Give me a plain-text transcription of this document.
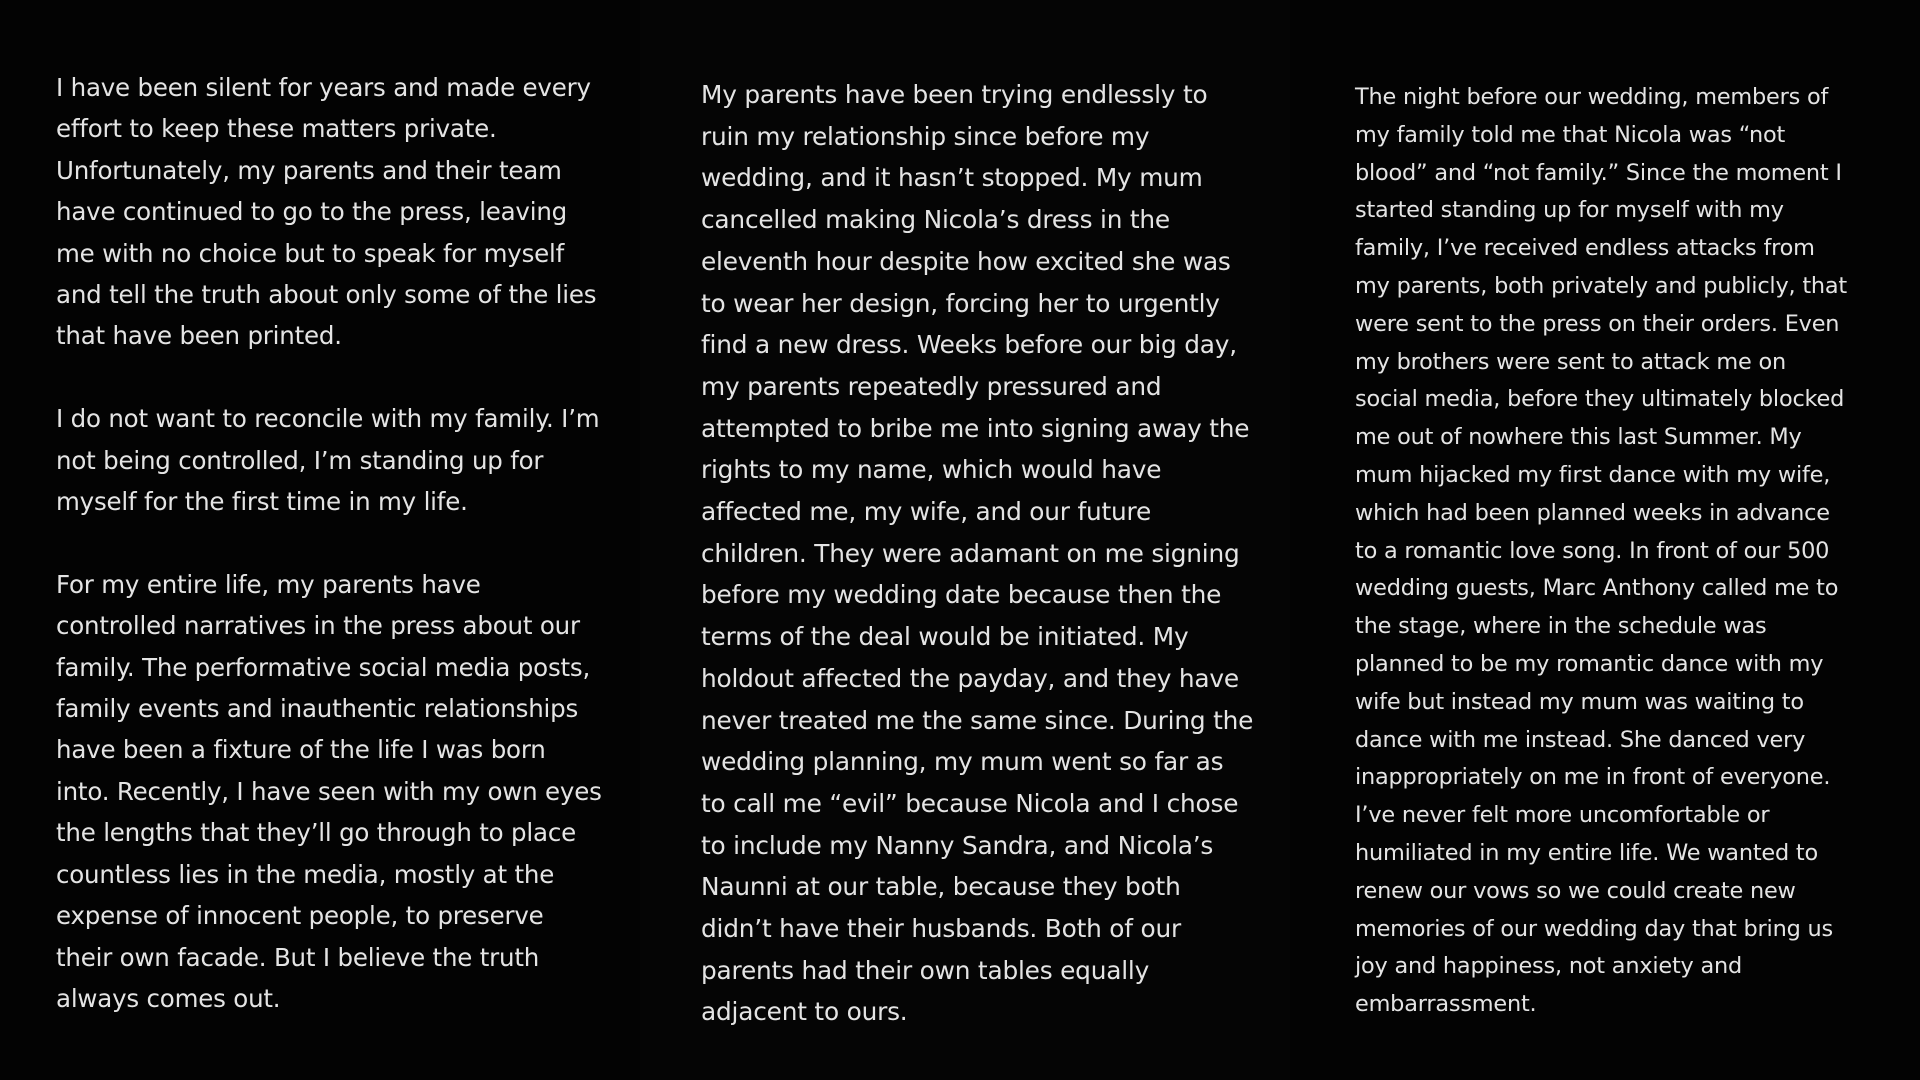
I have been silent for years and made every
effort to keep these matters private.
Unfortunately, my parents and their team
have continued to go to the press, leaving
me with no choice but to speak for myself
and tell the truth about only some of the lies
that have been printed.
I do not want to reconcile with my family. I’m
not being controlled, I’m standing up for
myself for the first time in my life.
For my entire life, my parents have
controlled narratives in the press about our
family. The performative social media posts,
family events and inauthentic relationships
have been a fixture of the life I was born
into. Recently, I have seen with my own eyes
the lengths that they’ll go through to place
countless lies in the media, mostly at the
expense of innocent people, to preserve
their own facade. But I believe the truth
always comes out.
My parents have been trying endlessly to
ruin my relationship since before my
wedding, and it hasn’t stopped. My mum
cancelled making Nicola’s dress in the
eleventh hour despite how excited she was
to wear her design, forcing her to urgently
find a new dress. Weeks before our big day,
my parents repeatedly pressured and
attempted to bribe me into signing away the
rights to my name, which would have
affected me, my wife, and our future
children. They were adamant on me signing
before my wedding date because then the
terms of the deal would be initiated. My
holdout affected the payday, and they have
never treated me the same since. During the
wedding planning, my mum went so far as
to call me “evil” because Nicola and I chose
to include my Nanny Sandra, and Nicola’s
Naunni at our table, because they both
didn’t have their husbands. Both of our
parents had their own tables equally
adjacent to ours.
The night before our wedding, members of
my family told me that Nicola was “not
blood” and “not family.” Since the moment I
started standing up for myself with my
family, I’ve received endless attacks from
my parents, both privately and publicly, that
were sent to the press on their orders. Even
my brothers were sent to attack me on
social media, before they ultimately blocked
me out of nowhere this last Summer. My
mum hijacked my first dance with my wife,
which had been planned weeks in advance
to a romantic love song. In front of our 500
wedding guests, Marc Anthony called me to
the stage, where in the schedule was
planned to be my romantic dance with my
wife but instead my mum was waiting to
dance with me instead. She danced very
inappropriately on me in front of everyone.
I’ve never felt more uncomfortable or
humiliated in my entire life. We wanted to
renew our vows so we could create new
memories of our wedding day that bring us
joy and happiness, not anxiety and
embarrassment.
